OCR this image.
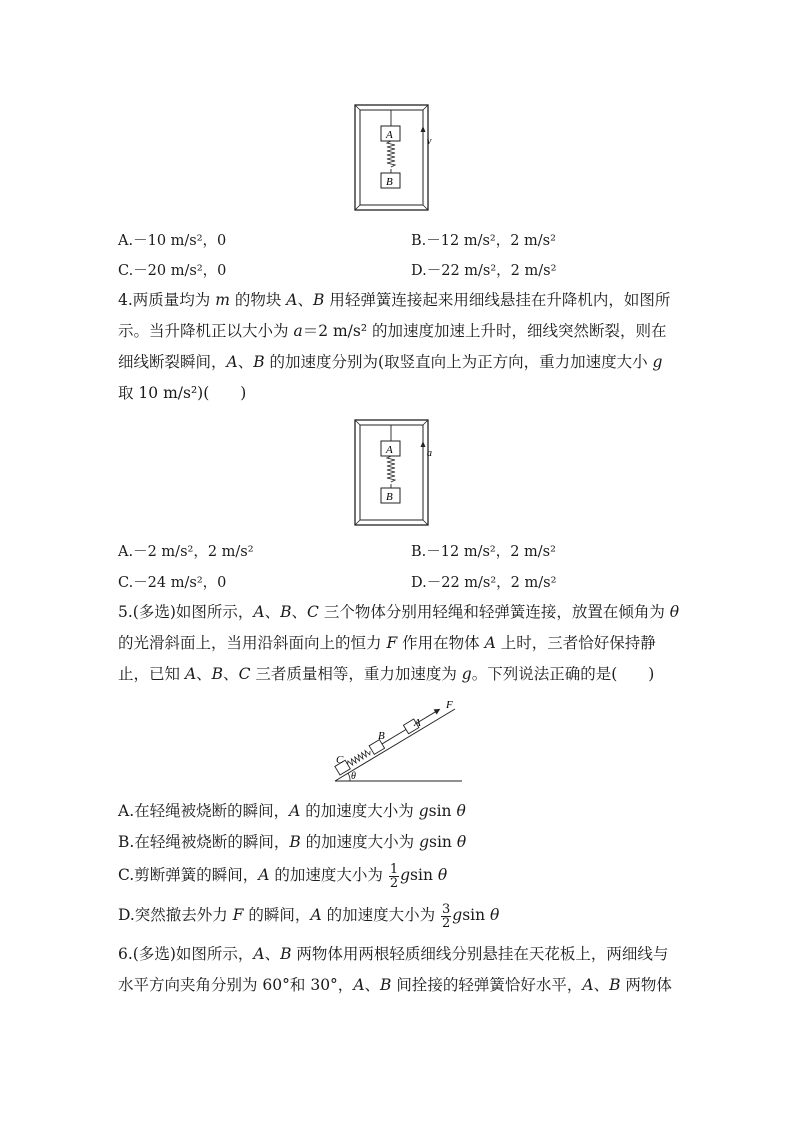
A
B
v
A.－10 m/s²，0	B.－12 m/s²，2 m/s²
C.－20 m/s²，0	D.－22 m/s²，2 m/s²
4.两质量均为 m 的物块 A、B 用轻弹簧连接起来用细线悬挂在升降机内，如图所
示。当升降机正以大小为 a＝2 m/s² 的加速度加速上升时，细线突然断裂，则在
细线断裂瞬间，A、B 的加速度分别为(取竖直向上为正方向，重力加速度大小 g
取 10 m/s²)(　　)
A
B
a
A.－2 m/s²，2 m/s²	B.－12 m/s²，2 m/s²
C.－24 m/s²，0	D.－22 m/s²，2 m/s²
5.(多选)如图所示，A、B、C 三个物体分别用轻绳和轻弹簧连接，放置在倾角为 θ
的光滑斜面上，当用沿斜面向上的恒力 F 作用在物体 A 上时，三者恰好保持静
止，已知 A、B、C 三者质量相等，重力加速度为 g。下列说法正确的是(　　)
θ
C
B
A
F
A.在轻绳被烧断的瞬间，A 的加速度大小为 gsin θ
B.在轻绳被烧断的瞬间，B 的加速度大小为 gsin θ
C.剪断弹簧的瞬间，A 的加速度大小为 $\frac{1}{2}$ gsin θ
D.突然撤去外力 F 的瞬间，A 的加速度大小为 $\frac{3}{2}$ gsin θ
6.(多选)如图所示，A、B 两物体用两根轻质细线分别悬挂在天花板上，两细线与
水平方向夹角分别为 60°和 30°，A、B 间拴接的轻弹簧恰好水平，A、B 两物体
